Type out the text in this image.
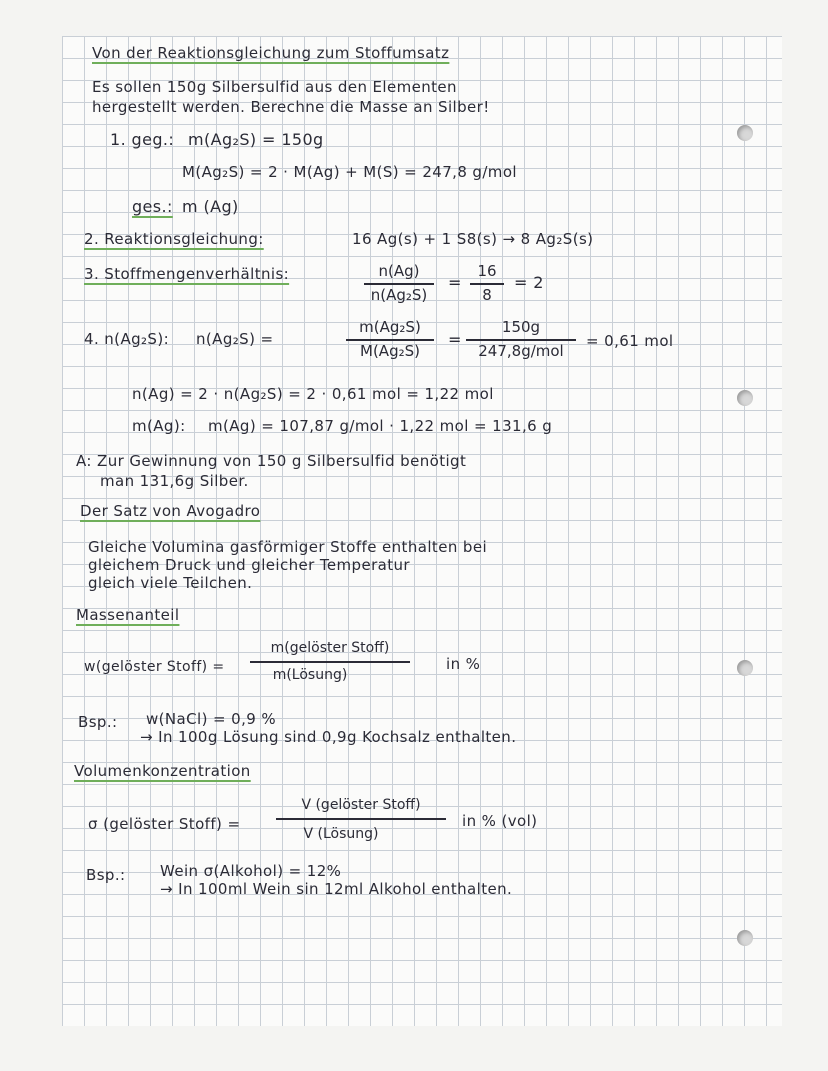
Von der Reaktionsgleichung zum Stoffumsatz
Es sollen 150g Silbersulfid aus den Elementen
hergestellt werden. Berechne die Masse an Silber!
1. geg.: m(Ag₂S) = 150g
M(Ag₂S) = 2 · M(Ag) + M(S) = 247,8 g/mol
ges.: m (Ag)
2. Reaktionsgleichung:	16 Ag(s) + 1 S8(s) → 8 Ag₂S(s)
3. Stoffmengenverhältnis:	n(Ag)
n(Ag₂S)
=
16
8
= 2
4. n(Ag₂S): n(Ag₂S) =
m(Ag₂S)
M(Ag₂S)
=
150g
247,8g/mol
= 0,61 mol
n(Ag) = 2 · n(Ag₂S) = 2 · 0,61 mol = 1,22 mol
m(Ag): m(Ag) = 107,87 g/mol · 1,22 mol = 131,6 g
A: Zur Gewinnung von 150 g Silbersulfid benötigt
man 131,6g Silber.
Der Satz von Avogadro
Gleiche Volumina gasförmiger Stoffe enthalten bei
gleichem Druck und gleicher Temperatur
gleich viele Teilchen.
Massenanteil
w(gelöster Stoff) =
m(gelöster Stoff)
m(Lösung)
in %
Bsp.: w(NaCl) = 0,9 %
→ In 100g Lösung sind 0,9g Kochsalz enthalten.
Volumenkonzentration
σ (gelöster Stoff) =
V (gelöster Stoff)
V (Lösung)
in % (vol)
Bsp.: Wein σ(Alkohol) = 12%
→ In 100ml Wein sin 12ml Alkohol enthalten.
